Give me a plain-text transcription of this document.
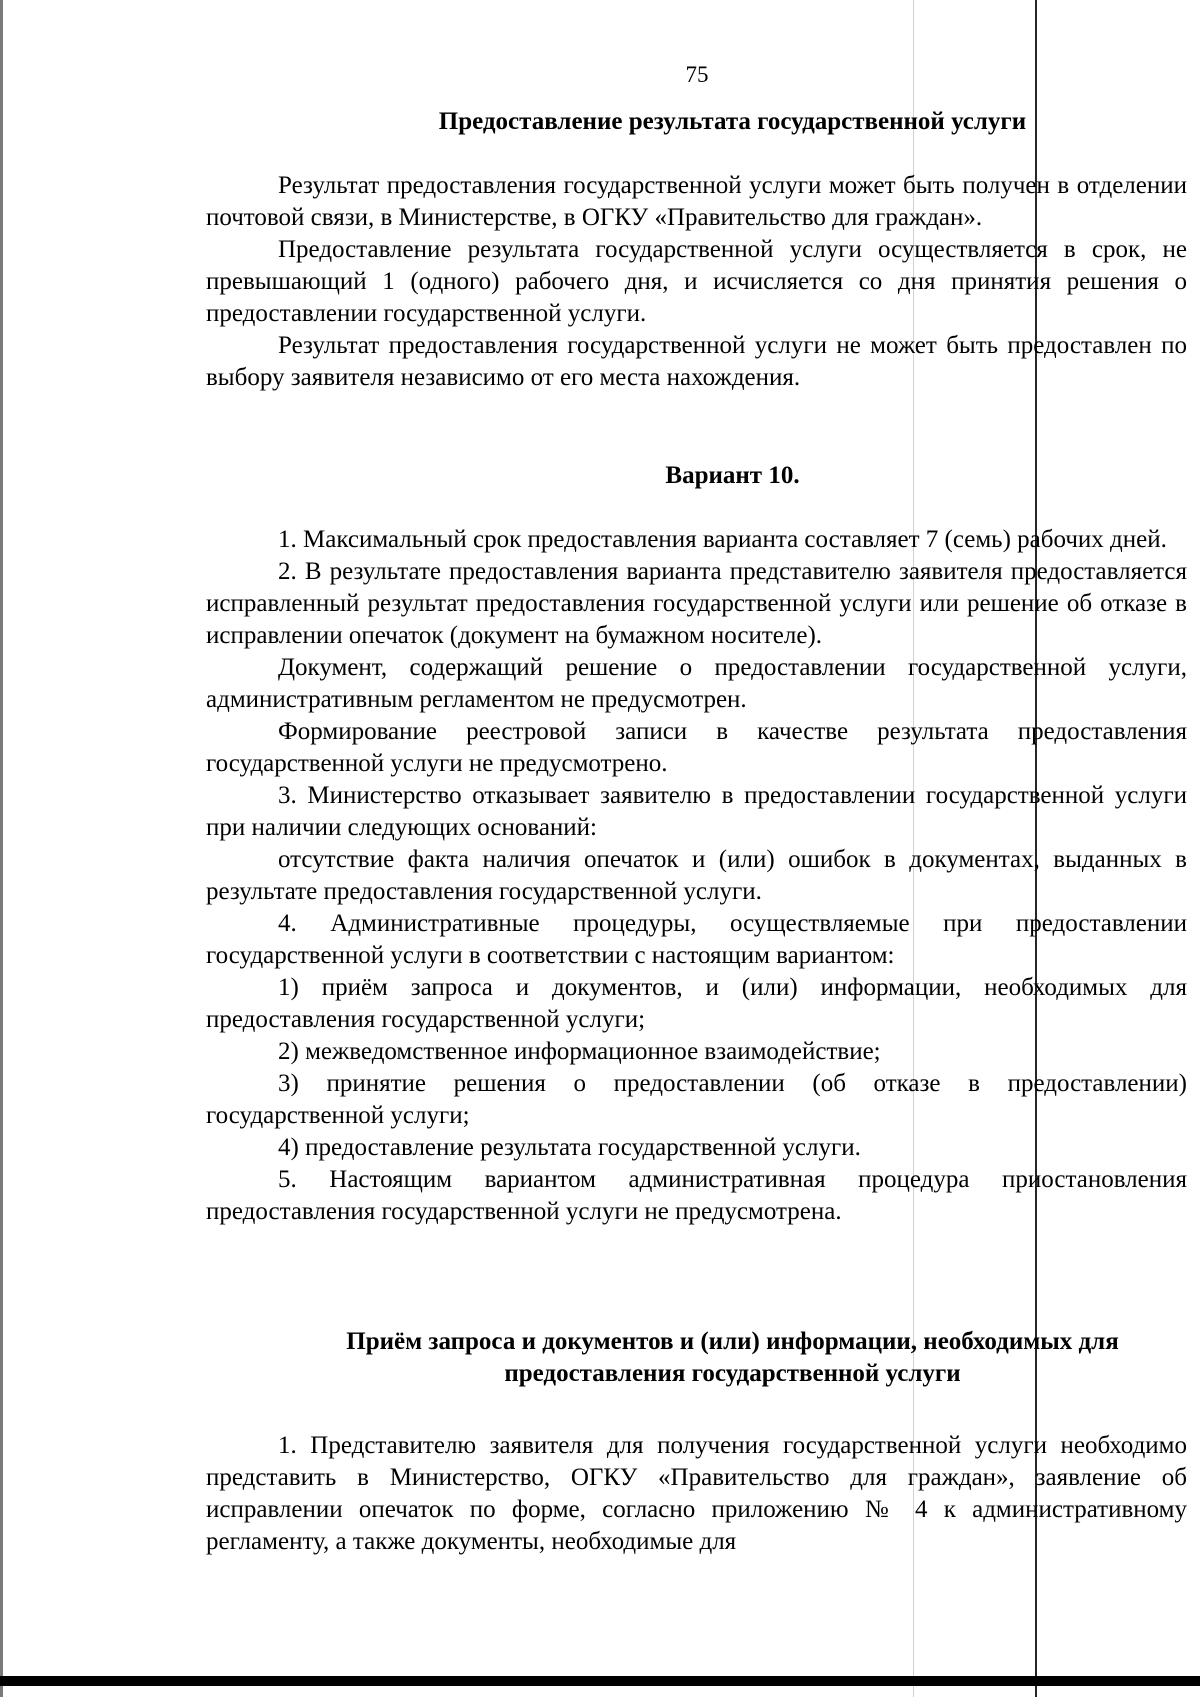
75
Предоставление результата государственной услуги

Результат предоставления государственной услуги может быть получен в отделении почтовой связи, в Министерстве, в ОГКУ «Правительство для граждан».

Предоставление результата государственной услуги осуществляется в срок, не превышающий 1 (одного) рабочего дня, и исчисляется со дня принятия решения о предоставлении государственной услуги.

Результат предоставления государственной услуги не может быть предоставлен по выбору заявителя независимо от его места нахождения.

Вариант 10.

1. Максимальный срок предоставления варианта составляет 7 (семь) рабочих дней.

2. В результате предоставления варианта представителю заявителя предоставляется исправленный результат предоставления государственной услуги или решение об отказе в исправлении опечаток (документ на бумажном носителе).

Документ, содержащий решение о предоставлении государственной услуги, административным регламентом не предусмотрен.

Формирование реестровой записи в качестве результата предоставления государственной услуги не предусмотрено.

3. Министерство отказывает заявителю в предоставлении государственной услуги при наличии следующих оснований:

отсутствие факта наличия опечаток и (или) ошибок в документах, выданных в результате предоставления государственной услуги.

4. Административные процедуры, осуществляемые при предоставлении государственной услуги в соответствии с настоящим вариантом:

1) приём запроса и документов, и (или) информации, необходимых для предоставления государственной услуги;

2) межведомственное информационное взаимодействие;

3) принятие решения о предоставлении (об отказе в предоставлении) государственной услуги;

4) предоставление результата государственной услуги.

5. Настоящим вариантом административная процедура приостановления предоставления государственной услуги не предусмотрена.

Приём запроса и документов и (или) информации, необходимых для
предоставления государственной услуги

1. Представителю заявителя для получения государственной услуги необходимо представить в Министерство, ОГКУ «Правительство для граждан», заявление об исправлении опечаток по форме, согласно приложению № 4 к административному регламенту, а также документы, необходимые для
